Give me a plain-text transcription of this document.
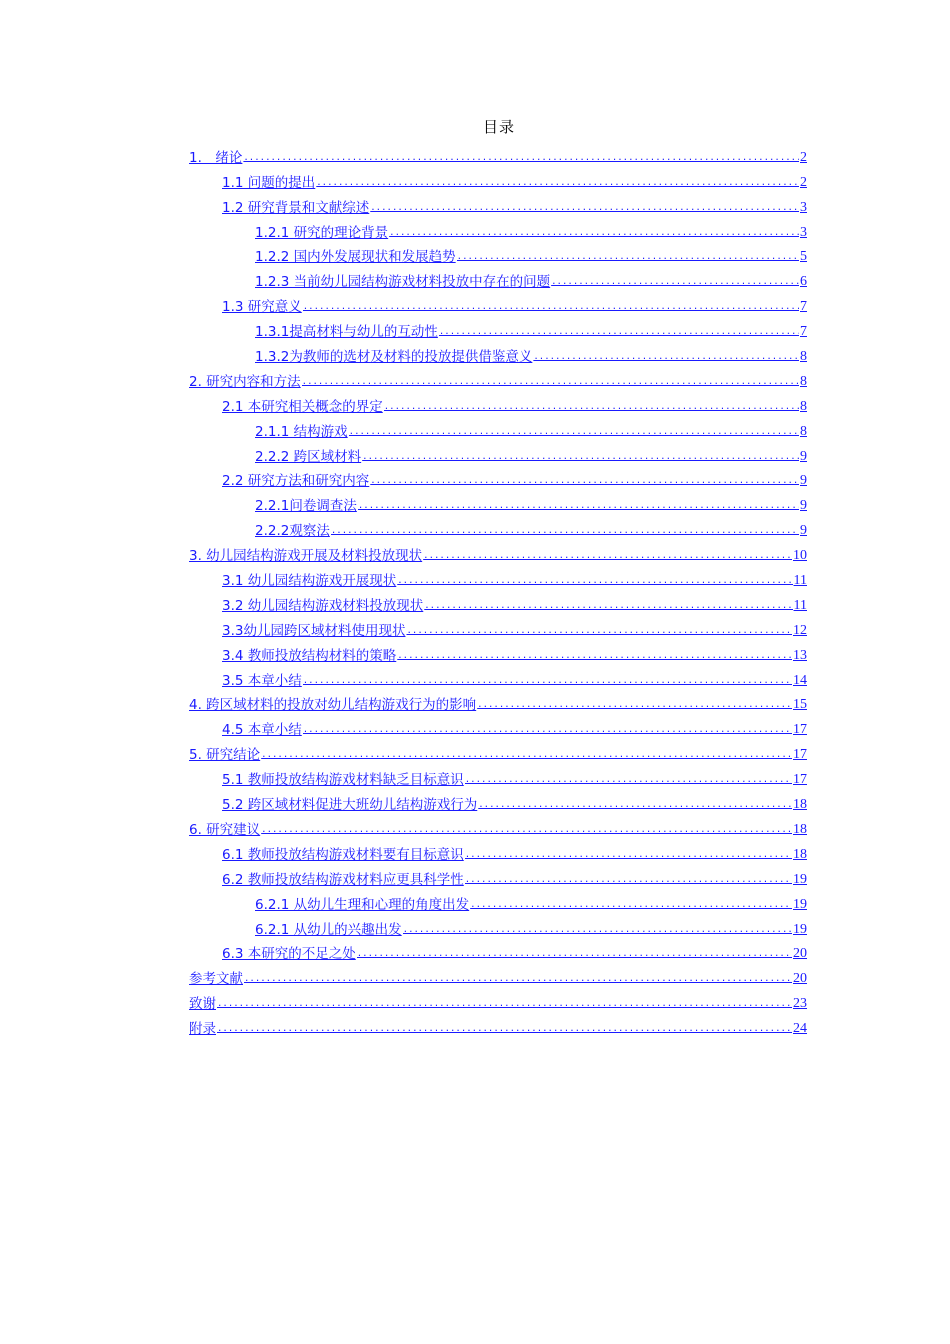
目录
1.　绪论 .....	2
1.1 问题的提出 .....	2
1.2 研究背景和文献综述 .....	3
1.2.1 研究的理论背景 .....	3
1.2.2 国内外发展现状和发展趋势 .....	5
1.2.3 当前幼儿园结构游戏材料投放中存在的问题 .....	6
1.3 研究意义 .....	7
1.3.1提高材料与幼儿的互动性 .....	7
1.3.2为教师的选材及材料的投放提供借鉴意义 .....	8
2. 研究内容和方法 .....	8
2.1 本研究相关概念的界定 .....	8
2.1.1 结构游戏 .....	8
2.2.2 跨区域材料 .....	9
2.2 研究方法和研究内容 .....	9
2.2.1问卷调查法 .....	9
2.2.2观察法 .....	9
3. 幼儿园结构游戏开展及材料投放现状 .....	10
3.1 幼儿园结构游戏开展现状 .....	11
3.2 幼儿园结构游戏材料投放现状 .....	11
3.3幼儿园跨区域材料使用现状 .....	12
3.4 教师投放结构材料的策略 .....	13
3.5 本章小结 .....	14
4. 跨区域材料的投放对幼儿结构游戏行为的影响 .....	15
4.5 本章小结 .....	17
5. 研究结论 .....	17
5.1 教师投放结构游戏材料缺乏目标意识 .....	17
5.2 跨区域材料促进大班幼儿结构游戏行为 .....	18
6. 研究建议 .....	18
6.1 教师投放结构游戏材料要有目标意识 .....	18
6.2 教师投放结构游戏材料应更具科学性 .....	19
6.2.1 从幼儿生理和心理的角度出发 .....	19
6.2.1 从幼儿的兴趣出发 .....	19
6.3 本研究的不足之处 .....	20
参考文献 .....	20
致谢 .....	23
附录 .....	24
